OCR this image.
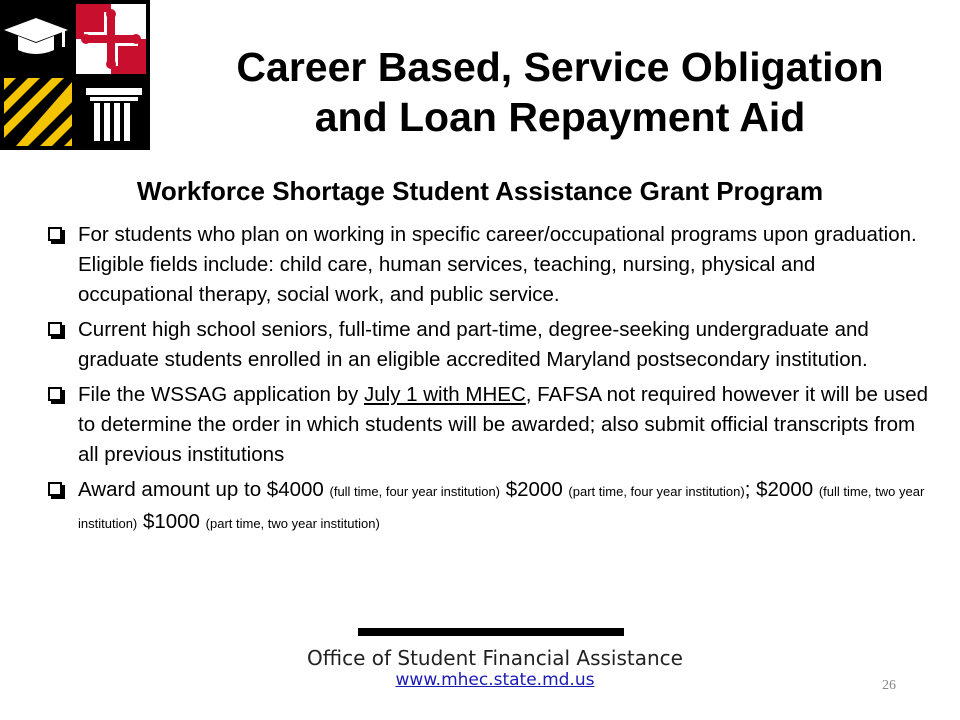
Career Based, Service Obligation
and Loan Repayment Aid
Workforce Shortage Student Assistance Grant Program
For students who plan on working in specific career/occupational programs upon graduation. Eligible fields include: child care, human services, teaching, nursing, physical and occupational therapy, social work, and public service.
Current high school seniors, full-time and part-time, degree-seeking undergraduate and graduate students enrolled in an eligible accredited Maryland postsecondary institution.
File the WSSAG application by July 1 with MHEC, FAFSA not required however it will be used to determine the order in which students will be awarded; also submit official transcripts from all previous institutions
Award amount up to $4000 (full time, four year institution) $2000 (part time, four year institution); $2000 (full time, two year institution) $1000 (part time, two year institution)
Office of Student Financial Assistance
www.mhec.state.md.us	26
